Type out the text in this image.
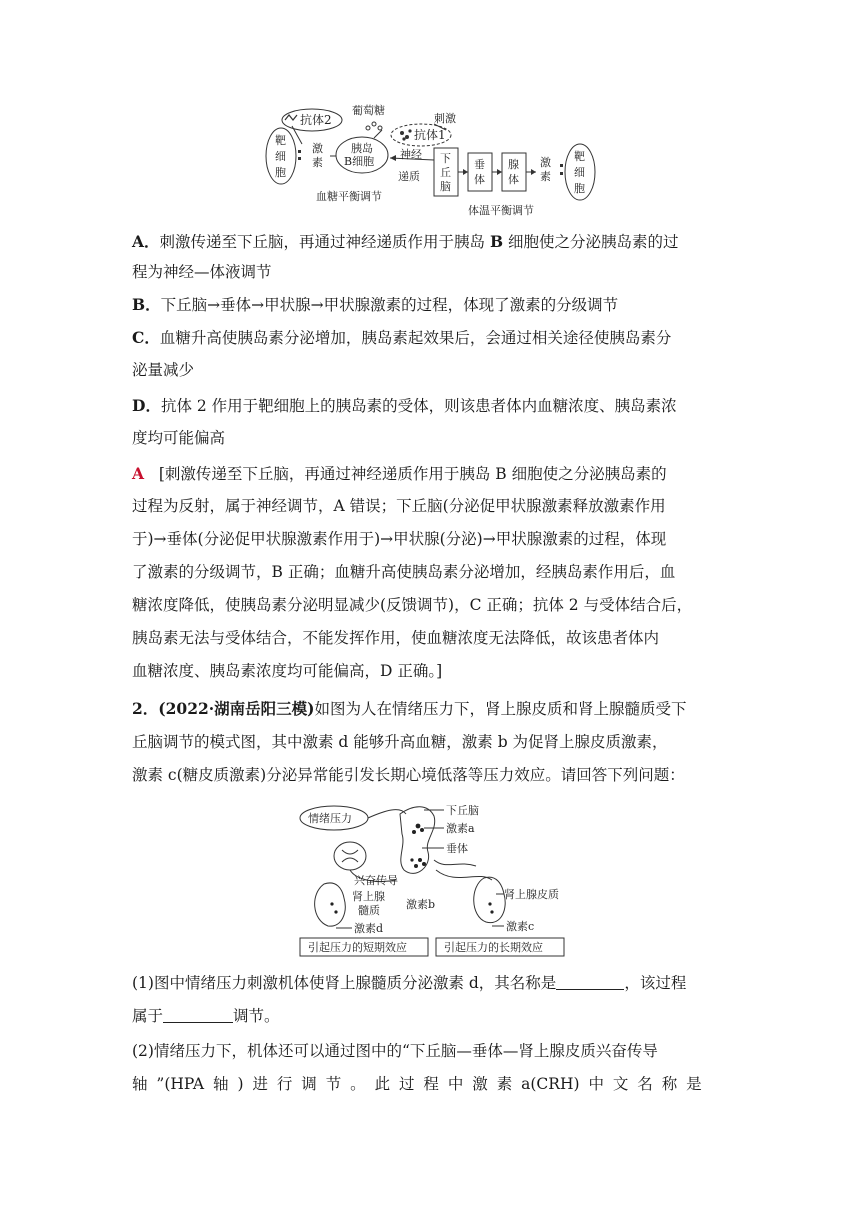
抗体2
葡萄糖
刺激
抗体1
靶
细
胞
激
素
胰岛
B细胞
神经
递质
下
丘
脑
垂
体
腺
体
激
素
靶
细
胞
血糖平衡调节
体温平衡调节
A．刺激传递至下丘脑，再通过神经递质作用于胰岛 B 细胞使之分泌胰岛素的过
程为神经—体液调节
B．下丘脑→垂体→甲状腺→甲状腺激素的过程，体现了激素的分级调节
C．血糖升高使胰岛素分泌增加，胰岛素起效果后，会通过相关途径使胰岛素分
泌量减少
D．抗体 2 作用于靶细胞上的胰岛素的受体，则该患者体内血糖浓度、胰岛素浓
度均可能偏高
A [刺激传递至下丘脑，再通过神经递质作用于胰岛 B 细胞使之分泌胰岛素的
过程为反射，属于神经调节，A 错误；下丘脑(分泌促甲状腺激素释放激素作用
于)→垂体(分泌促甲状腺激素作用于)→甲状腺(分泌)→甲状腺激素的过程，体现
了激素的分级调节，B 正确；血糖升高使胰岛素分泌增加，经胰岛素作用后，血
糖浓度降低，使胰岛素分泌明显减少(反馈调节)，C 正确；抗体 2 与受体结合后，
胰岛素无法与受体结合，不能发挥作用，使血糖浓度无法降低，故该患者体内
血糖浓度、胰岛素浓度均可能偏高，D 正确。]
2．(2022·湖南岳阳三模)如图为人在情绪压力下，肾上腺皮质和肾上腺髓质受下
丘脑调节的模式图，其中激素 d 能够升高血糖，激素 b 为促肾上腺皮质激素，
激素 c(糖皮质激素)分泌异常能引发长期心境低落等压力效应。请回答下列问题：
情绪压力
下丘脑
激素a
垂体
兴奋传导
肾上腺
髓质 激素b
肾上腺皮质
激素d	激素c
引起压力的短期效应	引起压力的长期效应
(1)图中情绪压力刺激机体使肾上腺髓质分泌激素 d，其名称是	，该过程
属于	调节。
(2)情绪压力下，机体还可以通过图中的“下丘脑—垂体—肾上腺皮质兴奋传导
轴 ”(HPA 轴 ) 进 行 调 节 。 此 过 程 中 激 素 a(CRH) 中 文 名 称 是
